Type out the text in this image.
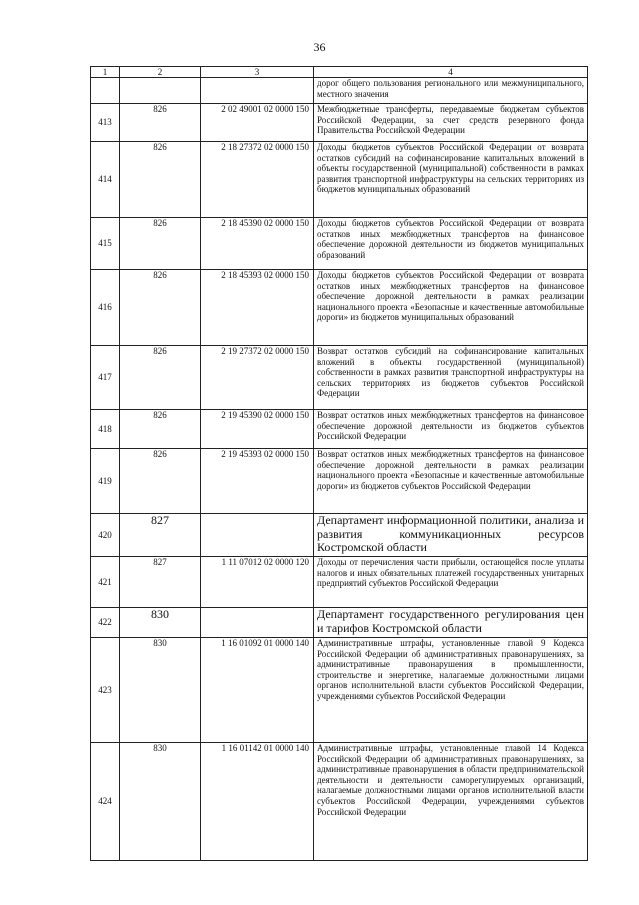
36
1	2	3	4
			дорог общего пользования регионального или межмуниципального, местного значения
413	826	2 02 49001 02 0000 150	Межбюджетные трансферты, передаваемые бюджетам субъектов Российской Федерации, за счет средств резервного фонда Правительства Российской Федерации
414	826	2 18 27372 02 0000 150	Доходы бюджетов субъектов Российской Федерации от возврата остатков субсидий на софинансирование капитальных вложений в объекты государственной (муниципальной) собственности в рамках развития транспортной инфраструктуры на сельских территориях из бюджетов муниципальных образований
415	826	2 18 45390 02 0000 150	Доходы бюджетов субъектов Российской Федерации от возврата остатков иных межбюджетных трансфертов на финансовое обеспечение дорожной деятельности из бюджетов муниципальных образований
416	826	2 18 45393 02 0000 150	Доходы бюджетов субъектов Российской Федерации от возврата остатков иных межбюджетных трансфертов на финансовое обеспечение дорожной деятельности в рамках реализации национального проекта «Безопасные и качественные автомобильные дороги» из бюджетов муниципальных образований
417	826	2 19 27372 02 0000 150	Возврат остатков субсидий на софинансирование капитальных вложений в объекты государственной (муниципальной) собственности в рамках развития транспортной инфраструктуры на сельских территориях из бюджетов субъектов Российской Федерации
418	826	2 19 45390 02 0000 150	Возврат остатков иных межбюджетных трансфертов на финансовое обеспечение дорожной деятельности из бюджетов субъектов Российской Федерации
419	826	2 19 45393 02 0000 150	Возврат остатков иных межбюджетных трансфертов на финансовое обеспечение дорожной деятельности в рамках реализации национального проекта «Безопасные и качественные автомобильные дороги» из бюджетов субъектов Российской Федерации
420	827		Департамент информационной политики, анализа и развития коммуникационных ресурсов Костромской области
421	827	1 11 07012 02 0000 120	Доходы от перечисления части прибыли, остающейся после уплаты налогов и иных обязательных платежей государственных унитарных предприятий субъектов Российской Федерации
422	830		Департамент государственного регулирования цен и тарифов Костромской области
423	830	1 16 01092 01 0000 140	Административные штрафы, установленные главой 9 Кодекса Российской Федерации об административных правонарушениях, за административные правонарушения в промышленности, строительстве и энергетике, налагаемые должностными лицами органов исполнительной власти субъектов Российской Федерации, учреждениями субъектов Российской Федерации
424	830	1 16 01142 01 0000 140	Административные штрафы, установленные главой 14 Кодекса Российской Федерации об административных правонарушениях, за административные правонарушения в области предпринимательской деятельности и деятельности саморегулируемых организаций, налагаемые должностными лицами органов исполнительной власти субъектов Российской Федерации, учреждениями субъектов Российской Федерации
